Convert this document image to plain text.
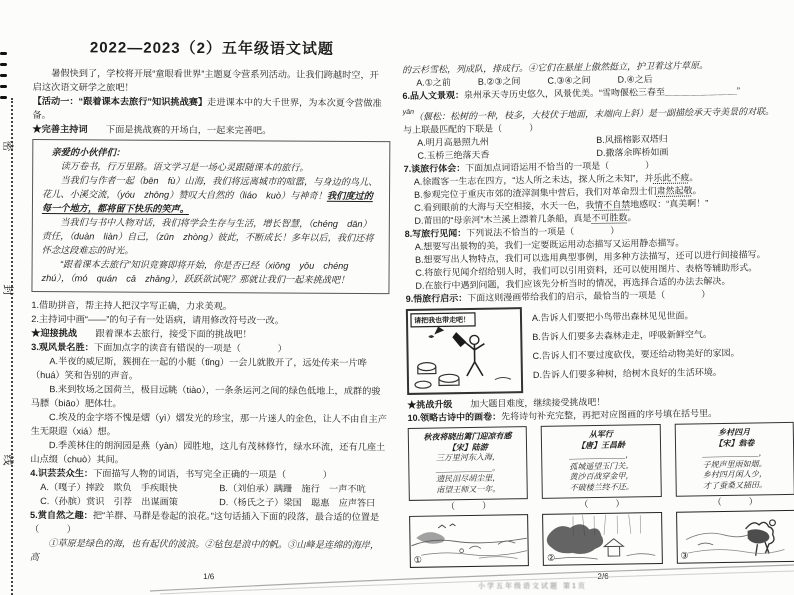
密
封
线
2022—2023（2）五年级语文试题
暑假快到了，学校将开展“童眼看世界”主题夏令营系列活动。让我们跨越时空，开
启这次语文研学之旅吧！
【活动一：“跟着课本去旅行”知识挑战赛】走进课本中的大千世界，为本次夏令营做准备。
★完善主持词　　 下面是挑战赛的开场白，一起来完善吧。
亲爱的小伙伴们：
读万卷书，行万里路。语文学习是一场心灵跟随课本的旅行。
当我们与作者一起（bēn　fù）山海，我们将远离城市的喧嚣，与身边的鸟儿、花儿、小溪交流，（yóu　zhōng）赞叹大自然的（liáo　kuò）与神奇！我们度过的每一个地方，都将留下快乐的笑声。
当我们与书中人物对话，我们将学会生存与生活，增长智慧，（chéng　dān）责任，（duàn　liàn）自己，（zūn　zhòng）彼此，不断成长！多年以后，我们还将怀念这段难忘的时光。
“跟着课本去旅行”知识竞赛即将开始，你是否已经（xiōng　yǒu　chéng　zhú），（mó　quán　cā　zhǎng），跃跃欲试呢？那就让我们一起来挑战吧！
1.借助拼音，帮主持人把汉字写正确，力求美观。
2.主持词中画“——”的句子有一处语病，请用修改符号改一改。
★迎接挑战　　 跟着课本去旅行，接受下面的挑战吧！
3.观风景名胜：下面加点字的读音有错误的一项是（　　　　）
A.半夜的威尼斯，簇拥在一起的小艇（tǐng）一会儿就散开了，远处传来一片哗（huá）笑和告别的声音。
B.来到牧场之国荷兰，极目远眺（tiào），一条条运河之间的绿色低地上，成群的骏马膘（biāo）肥体壮。
C.埃及的金字塔不愧是熠（yì）熠发光的珍宝，那一片迷人的金色，让人不由自主产生无限遐（xiá）想。
D.季羡林住的朗润园是燕（yàn）园胜地，这儿有茂林修竹，绿水环流，还有几座土山点缀（chuò）其间。
4.识芸芸众生：下面描写人物的词语，书写完全正确的一项是（　　　　）
A.（嘎子）摔跤　欺负　手疾眼快	B.（刘伯承）蹒跚　施行　一声不吭
C.（孙膑）赏识　引荐　出谋画策	D.（杨氏之子）梁国　聪惠　应声答曰
5.赏自然之趣：把“羊群、马群是卷起的浪花。”这句话插入下面的段落，最合适的位置是
（　　　）
①草原是绿色的海，也有起伏的波浪。②毡包是浪中的帆。③山峰是连绵的海岸，高
1/6
的云杉雪松，列成队，排成行。④它们在悬崖上傲然挺立，护卫着这片草原。
A.①之前　　　B.②③之间　　　C.③④之间　　　D.④之后
6.品人文景观：泉州承天寺历史悠久，风景优美。“雪吻偃松三春至＿＿＿＿＿＿＿＿”
$^{yǎn}$（偃松：松树的一种，枝多，大枝伏于地面，末端向上斜）是一副描绘承天寺美景的对联。
与上联最匹配的下联是（　　　）
A.明月高悬照九州	B.风摇榕影双塔归
C.玉桥三绝落天香	D.撒落余晖桥如画
7.谈旅行体会：下面加点词语运用不恰当的一项是（　　　　）
A.徐霞客一生志在四方，“达人所之未达，探人所之未知”，并乐此不疲。
B.参观完位于重庆市郊的渣滓洞集中营后，我们对革命烈士们肃然起敬。
C.看到眼前的大海与天空相接，水天一色，我情不自禁地感叹：“真美啊！”
D.莆田的“母亲河”木兰溪上漂着几条船，真是不可胜数。
8.写旅行见闻：下列说法不恰当的一项是（　　　　）
A.想要写出景物的美，我们一定要既运用动态描写又运用静态描写。
B.想要写出人物特点，我们可以选用典型事例，用多种方法描写，还可以进行间接描写。
C.将旅行见闻介绍给别人时，我们可以引用资料，还可以使用图片、表格等辅助形式。
D.在旅行中遇到问题，我们应该先分析当时的情况，再选择合适的办法去解决。
9.悟旅行启示：下面这则漫画带给我们的启示，最恰当的一项是（　　　　）
请把我也带走吧！	A.告诉人们要把小鸟带出森林见见世面。
B.告诉人们要多去森林走走，呼吸新鲜空气。
C.告诉人们不要过度砍伐，要还给动物美好的家园。
D.告诉人们要多种树，给树木良好的生活环境。
★挑战升级　　 加大题目难度，继续接受挑战吧！
10.领略古诗中的画卷：先将诗句补充完整，再把对应图画的序号填在括号里。
秋夜将晓出篱门迎凉有感
【宋】陆游
三万里河东入海，
＿＿＿＿＿＿＿。
遗民泪尽胡尘里，
南望王师又一年。
从军行
【唐】王昌龄
＿＿＿＿＿＿＿，
孤城遥望玉门关。
黄沙百战穿金甲，
不破楼兰终不还。
乡村四月
【宋】翁卷
＿＿＿＿＿＿＿，
子规声里雨如烟。
乡村四月闲人少，
才了蚕桑又插田。
（　　　）	（　　　）	（　　　）
①	②	③
2/6
小学五年级语文试题 第1页
